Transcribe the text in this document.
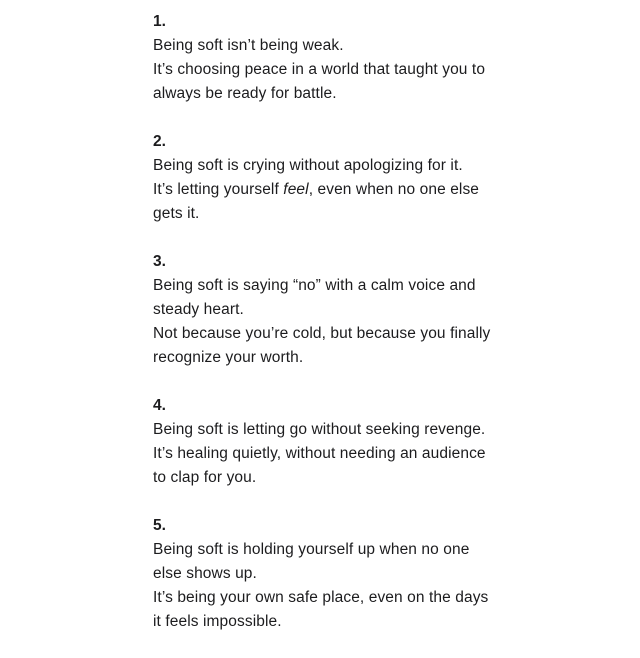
1.
Being soft isn’t being weak.
It’s choosing peace in a world that taught you to
always be ready for battle.
2.
Being soft is crying without apologizing for it.
It’s letting yourself feel, even when no one else
gets it.
3.
Being soft is saying “no” with a calm voice and
steady heart.
Not because you’re cold, but because you finally
recognize your worth.
4.
Being soft is letting go without seeking revenge.
It’s healing quietly, without needing an audience
to clap for you.
5.
Being soft is holding yourself up when no one
else shows up.
It’s being your own safe place, even on the days
it feels impossible.
